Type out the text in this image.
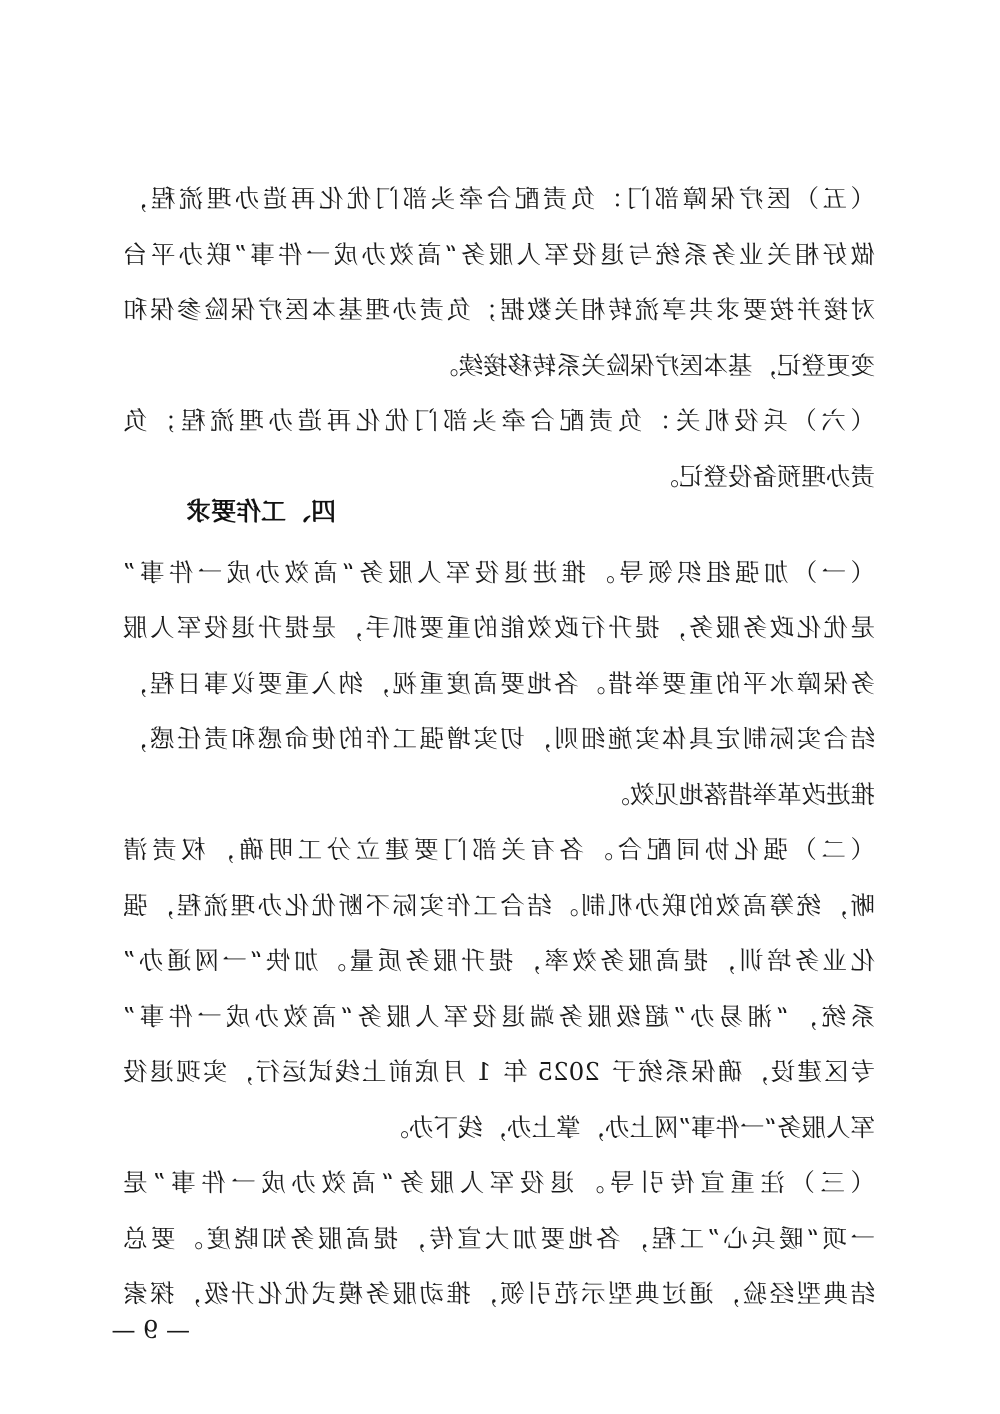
（五）医疗保障部门：负责配合牵头部门优化再造办理流程，
做好相关业务系统与退役军人服务“高效办成一件事”联办平台
对接并按要求共享流转相关数据；负责办理基本医疗保险参保和
变更登记，基本医疗保险关系转移接续。
（六）兵役机关：负责配合牵头部门优化再造办理流程；负
责办理预备役登记。
四、工作要求
（一）加强组织领导。推进退役军人服务“高效办成一件事”
是优化政务服务，提升行政效能的重要抓手，是提升退役军人服
务保障水平的重要举措。各地要高度重视，纳入重要议事日程，
结合实际制定具体实施细则，切实增强工作的使命感和责任感，
推进改革举措落地见效。
（二）强化协同配合。各有关部门要建立分工明确，权责清
晰，统筹高效的联办机制。结合工作实际不断优化办理流程，强
化业务培训，提高服务效率，提升服务质量。加快“一网通办”
系统，“湘易办”超级服务端退役军人服务“高效办成一件事”
专区建设，确保系统于 2025 年 1 月底前上线试运行，实现退役
军人服务“一件事”网上办，掌上办，线下办。
（三）注重宣传引导。退役军人服务“高效办成一件事”是
一项“暖兵心”工程，各地要加大宣传，提高服务知晓度。要总
结典型经验，通过典型示范引领，推动服务模式优化升级，探索
— 9 —
